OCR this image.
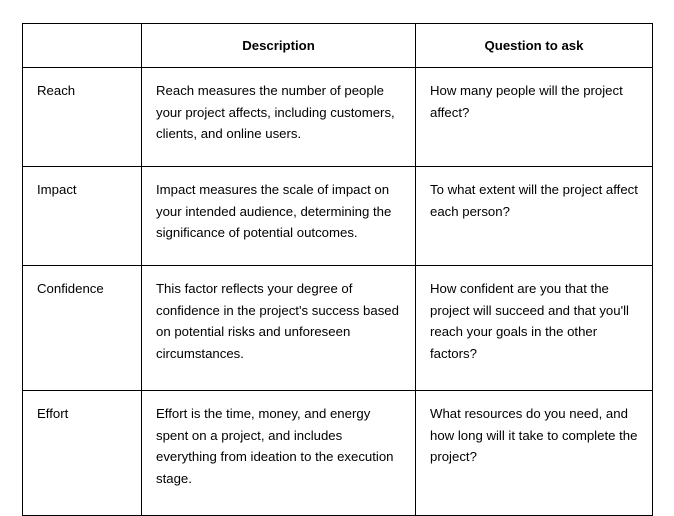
	Description	Question to ask
Reach	Reach measures the number of people your project affects, including customers, clients, and online users.	How many people will the project affect?
Impact	Impact measures the scale of impact on your intended audience, determining the significance of potential outcomes.	To what extent will the project affect each person?
Confidence	This factor reflects your degree of confidence in the project's success based on potential risks and unforeseen circumstances.	How confident are you that the project will succeed and that you'll reach your goals in the other factors?
Effort	Effort is the time, money, and energy spent on a project, and includes everything from ideation to the execution stage.	What resources do you need, and how long will it take to complete the project?
